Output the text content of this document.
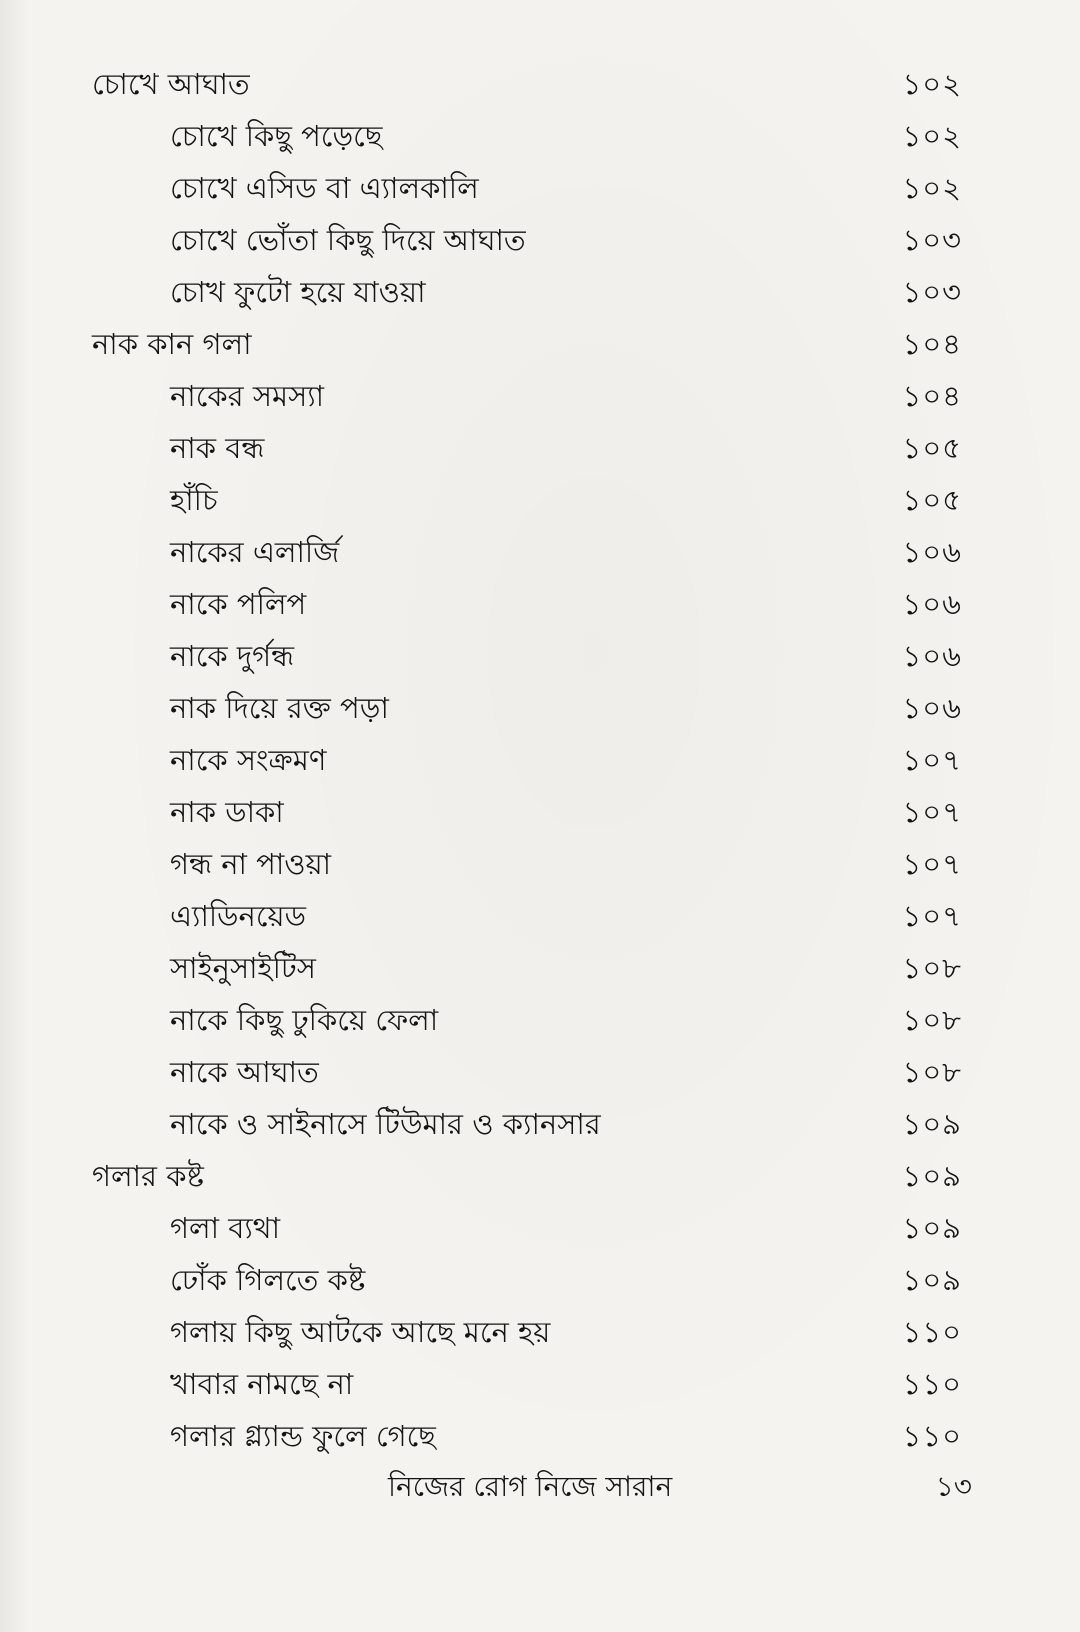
চোখে আঘাত	১০২
চোখে কিছু পড়েছে	১০২
চোখে এসিড বা এ্যালকালি	১০২
চোখে ভোঁতা কিছু দিয়ে আঘাত	১০৩
চোখ ফুটো হয়ে যাওয়া	১০৩
নাক কান গলা	১০৪
নাকের সমস্যা	১০৪
নাক বন্ধ	১০৫
হাঁচি	১০৫
নাকের এলার্জি	১০৬
নাকে পলিপ	১০৬
নাকে দুর্গন্ধ	১০৬
নাক দিয়ে রক্ত পড়া	১০৬
নাকে সংক্রমণ	১০৭
নাক ডাকা	১০৭
গন্ধ না পাওয়া	১০৭
এ্যাডিনয়েড	১০৭
সাইনুসাইটিস	১০৮
নাকে কিছু ঢুকিয়ে ফেলা	১০৮
নাকে আঘাত	১০৮
নাকে ও সাইনাসে টিউমার ও ক্যানসার	১০৯
গলার কষ্ট	১০৯
গলা ব্যথা	১০৯
ঢোঁক গিলতে কষ্ট	১০৯
গলায় কিছু আটকে আছে মনে হয়	১১০
খাবার নামছে না	১১০
গলার গ্ল্যান্ড ফুলে গেছে	১১০
নিজের রোগ নিজে সারান	১৩
